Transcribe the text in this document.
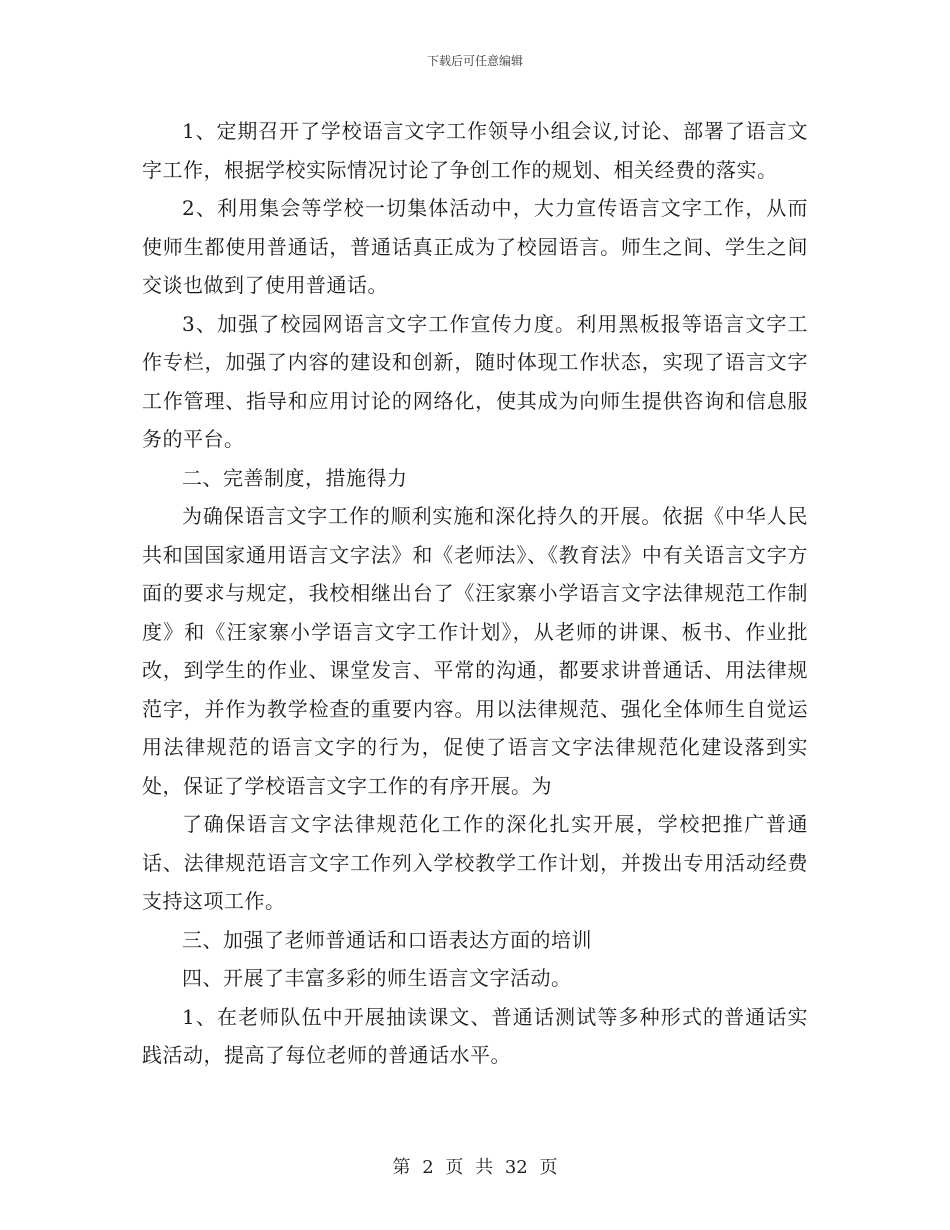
下载后可任意编辑

1、定期召开了学校语言文字工作领导小组会议,讨论、部署了语言文字工作，根据学校实际情况讨论了争创工作的规划、相关经费的落实。

2、利用集会等学校一切集体活动中，大力宣传语言文字工作，从而使师生都使用普通话，普通话真正成为了校园语言。师生之间、学生之间交谈也做到了使用普通话。

3、加强了校园网语言文字工作宣传力度。利用黑板报等语言文字工作专栏，加强了内容的建设和创新，随时体现工作状态，实现了语言文字工作管理、指导和应用讨论的网络化，使其成为向师生提供咨询和信息服务的平台。

二、完善制度，措施得力

为确保语言文字工作的顺利实施和深化持久的开展。依据《中华人民共和国国家通用语言文字法》和《老师法》、《教育法》中有关语言文字方面的要求与规定，我校相继出台了《汪家寨小学语言文字法律规范工作制度》和《汪家寨小学语言文字工作计划》，从老师的讲课、板书、作业批改，到学生的作业、课堂发言、平常的沟通，都要求讲普通话、用法律规范字，并作为教学检查的重要内容。用以法律规范、强化全体师生自觉运用法律规范的语言文字的行为，促使了语言文字法律规范化建设落到实处，保证了学校语言文字工作的有序开展。为

了确保语言文字法律规范化工作的深化扎实开展，学校把推广普通话、法律规范语言文字工作列入学校教学工作计划，并拨出专用活动经费支持这项工作。

三、加强了老师普通话和口语表达方面的培训

四、开展了丰富多彩的师生语言文字活动。

1、在老师队伍中开展抽读课文、普通话测试等多种形式的普通话实践活动，提高了每位老师的普通话水平。

第 2 页 共 32 页
